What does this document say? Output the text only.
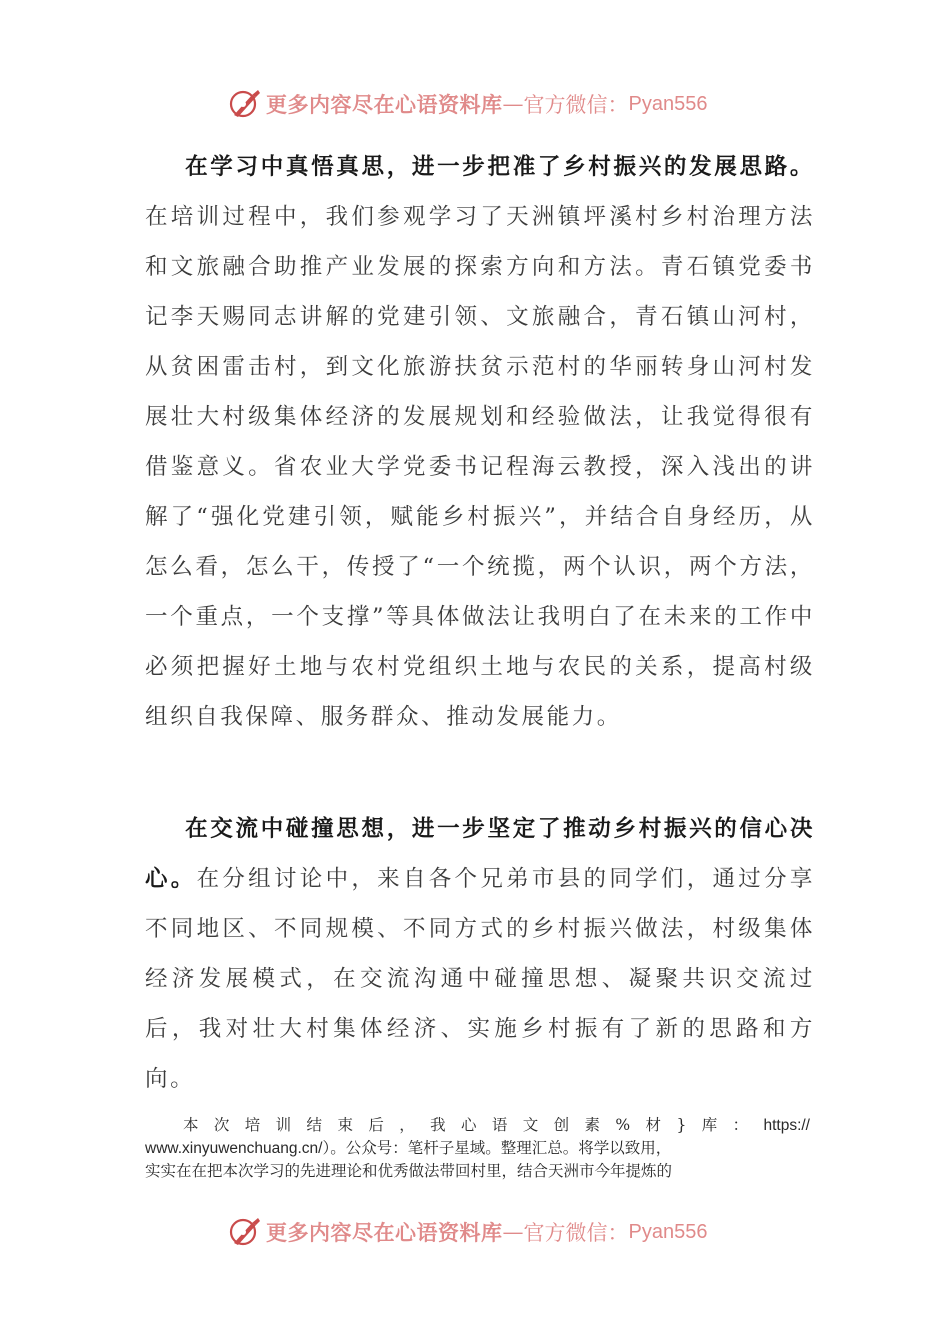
更多内容尽在心语资料库 — 官方微信： Pyan556

在学习中真悟真思，进一步把准了乡村振兴的发展思路。在培训过程中，我们参观学习了天洲镇坪溪村乡村治理方法和文旅融合助推产业发展的探索方向和方法。青石镇党委书记李天赐同志讲解的党建引领、文旅融合，青石镇山河村，从贫困雷击村，到文化旅游扶贫示范村的华丽转身山河村发展壮大村级集体经济的发展规划和经验做法，让我觉得很有借鉴意义。省农业大学党委书记程海云教授，深入浅出的讲解了“强化党建引领，赋能乡村振兴”，并结合自身经历，从怎么看，怎么干，传授了“一个统揽，两个认识，两个方法，一个重点，一个支撑”等具体做法让我明白了在未来的工作中必须把握好土地与农村党组织土地与农民的关系，提高村级组织自我保障、服务群众、推动发展能力。

在交流中碰撞思想，进一步坚定了推动乡村振兴的信心决心。在分组讨论中，来自各个兄弟市县的同学们，通过分享不同地区、不同规模、不同方式的乡村振兴做法，村级集体经济发展模式，在交流沟通中碰撞思想、凝聚共识交流过后，我对壮大村集体经济、实施乡村振有了新的思路和方向。

本次培训结束后，我心语文创素%材}库：https://
www.xinyuwenchuang.cn/）。公众号：笔杆子星域。整理汇总。将学以致用，
实实在在把本次学习的先进理论和优秀做法带回村里，结合天洲市今年提炼的
更多内容尽在心语资料库 — 官方微信： Pyan556
